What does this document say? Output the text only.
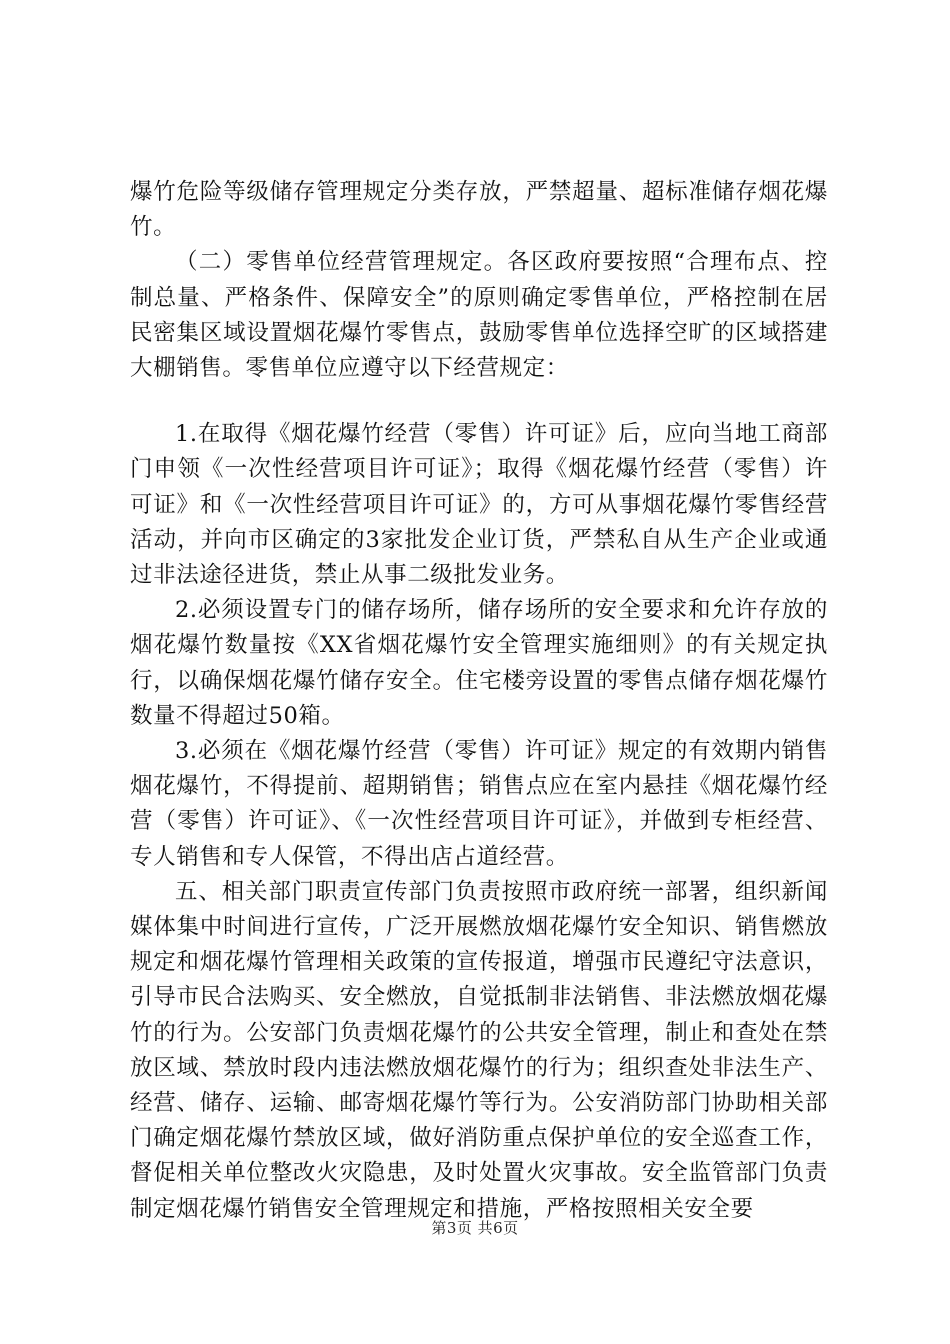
爆竹危险等级储存管理规定分类存放，严禁超量、超标准储存烟花爆竹。

（二）零售单位经营管理规定。各区政府要按照“合理布点、控制总量、严格条件、保障安全”的原则确定零售单位，严格控制在居民密集区域设置烟花爆竹零售点，鼓励零售单位选择空旷的区域搭建大棚销售。零售单位应遵守以下经营规定：

1.在取得《烟花爆竹经营（零售）许可证》后，应向当地工商部门申领《一次性经营项目许可证》；取得《烟花爆竹经营（零售）许可证》和《一次性经营项目许可证》的，方可从事烟花爆竹零售经营活动，并向市区确定的3家批发企业订货，严禁私自从生产企业或通过非法途径进货，禁止从事二级批发业务。

2.必须设置专门的储存场所，储存场所的安全要求和允许存放的烟花爆竹数量按《XX省烟花爆竹安全管理实施细则》的有关规定执行，以确保烟花爆竹储存安全。住宅楼旁设置的零售点储存烟花爆竹数量不得超过50箱。

3.必须在《烟花爆竹经营（零售）许可证》规定的有效期内销售烟花爆竹，不得提前、超期销售；销售点应在室内悬挂《烟花爆竹经营（零售）许可证》、《一次性经营项目许可证》，并做到专柜经营、专人销售和专人保管，不得出店占道经营。

五、相关部门职责宣传部门负责按照市政府统一部署，组织新闻媒体集中时间进行宣传，广泛开展燃放烟花爆竹安全知识、销售燃放规定和烟花爆竹管理相关政策的宣传报道，增强市民遵纪守法意识，引导市民合法购买、安全燃放，自觉抵制非法销售、非法燃放烟花爆竹的行为。公安部门负责烟花爆竹的公共安全管理，制止和查处在禁放区域、禁放时段内违法燃放烟花爆竹的行为；组织查处非法生产、经营、储存、运输、邮寄烟花爆竹等行为。公安消防部门协助相关部门确定烟花爆竹禁放区域，做好消防重点保护单位的安全巡查工作，督促相关单位整改火灾隐患，及时处置火灾事故。安全监管部门负责制定烟花爆竹销售安全管理规定和措施，严格按照相关安全要

第3页 共6页
